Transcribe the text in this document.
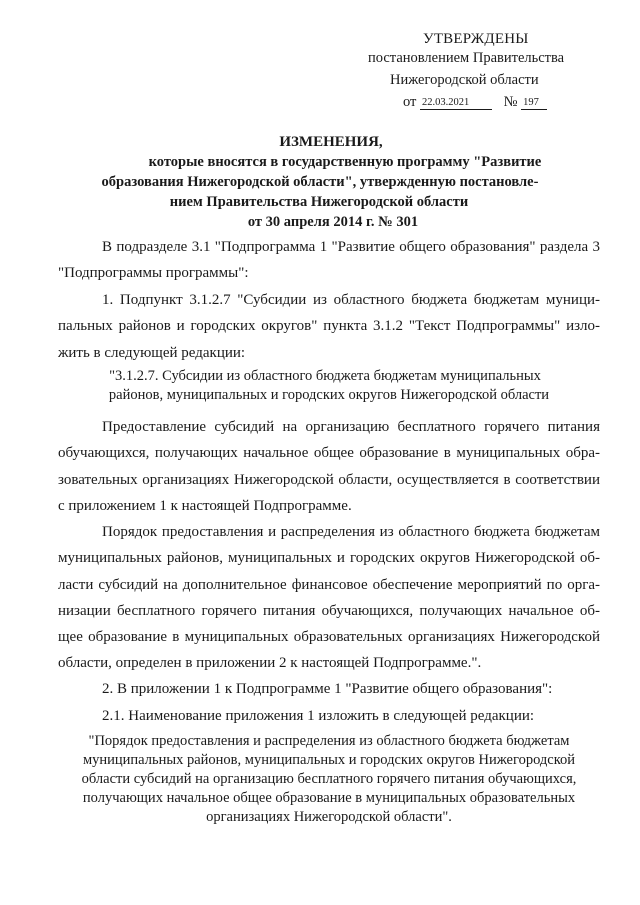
УТВЕРЖДЕНЫ
постановлением Правительства
Нижегородской области
от 22.03.2021 № 197
ИЗМЕНЕНИЯ,
которые вносятся в государственную программу "Развитие
образования Нижегородской области", утвержденную постановле-
нием Правительства Нижегородской области
от 30 апреля 2014 г. № 301
В подразделе 3.1 "Подпрограмма 1 "Развитие общего образования" раздела 3
"Подпрограммы программы":
1. Подпункт 3.1.2.7 "Субсидии из областного бюджета бюджетам муници-
пальных районов и городских округов" пункта 3.1.2 "Текст Подпрограммы" изло-
жить в следующей редакции:
"3.1.2.7. Субсидии из областного бюджета бюджетам муниципальных
районов, муниципальных и городских округов Нижегородской области
Предоставление субсидий на организацию бесплатного горячего питания
обучающихся, получающих начальное общее образование в муниципальных обра-
зовательных организациях Нижегородской области, осуществляется в соответствии
с приложением 1 к настоящей Подпрограмме.
Порядок предоставления и распределения из областного бюджета бюджетам
муниципальных районов, муниципальных и городских округов Нижегородской об-
ласти субсидий на дополнительное финансовое обеспечение мероприятий по орга-
низации бесплатного горячего питания обучающихся, получающих начальное об-
щее образование в муниципальных образовательных организациях Нижегородской
области, определен в приложении 2 к настоящей Подпрограмме.".
2. В приложении 1 к Подпрограмме 1 "Развитие общего образования":
2.1. Наименование приложения 1 изложить в следующей редакции:
"Порядок предоставления и распределения из областного бюджета бюджетам
муниципальных районов, муниципальных и городских округов Нижегородской
области субсидий на организацию бесплатного горячего питания обучающихся,
получающих начальное общее образование в муниципальных образовательных
организациях Нижегородской области".
